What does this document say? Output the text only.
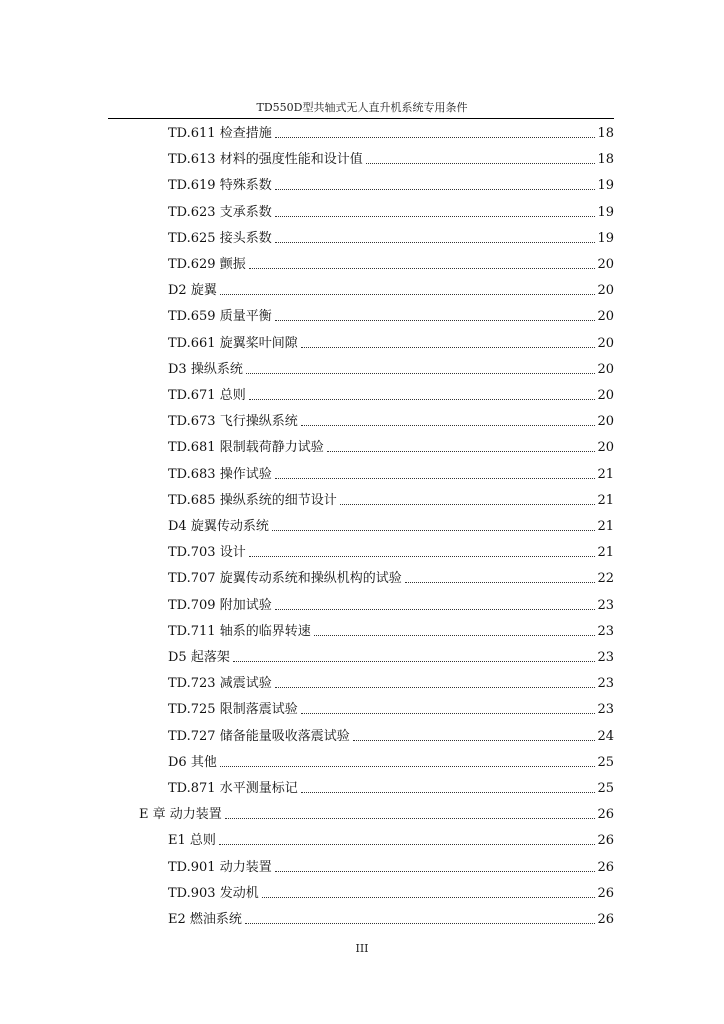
TD550D型共轴式无人直升机系统专用条件
TD.611 检查措施	18
TD.613 材料的强度性能和设计值	18
TD.619 特殊系数	19
TD.623 支承系数	19
TD.625 接头系数	19
TD.629 颤振	20
D2 旋翼	20
TD.659 质量平衡	20
TD.661 旋翼桨叶间隙	20
D3 操纵系统	20
TD.671 总则	20
TD.673 飞行操纵系统	20
TD.681 限制载荷静力试验	20
TD.683 操作试验	21
TD.685 操纵系统的细节设计	21
D4 旋翼传动系统	21
TD.703 设计	21
TD.707 旋翼传动系统和操纵机构的试验	22
TD.709 附加试验	23
TD.711 轴系的临界转速	23
D5 起落架	23
TD.723 减震试验	23
TD.725 限制落震试验	23
TD.727 储备能量吸收落震试验	24
D6 其他	25
TD.871 水平测量标记	25
E 章 动力装置	26
E1 总则	26
TD.901 动力装置	26
TD.903 发动机	26
E2 燃油系统	26
III
